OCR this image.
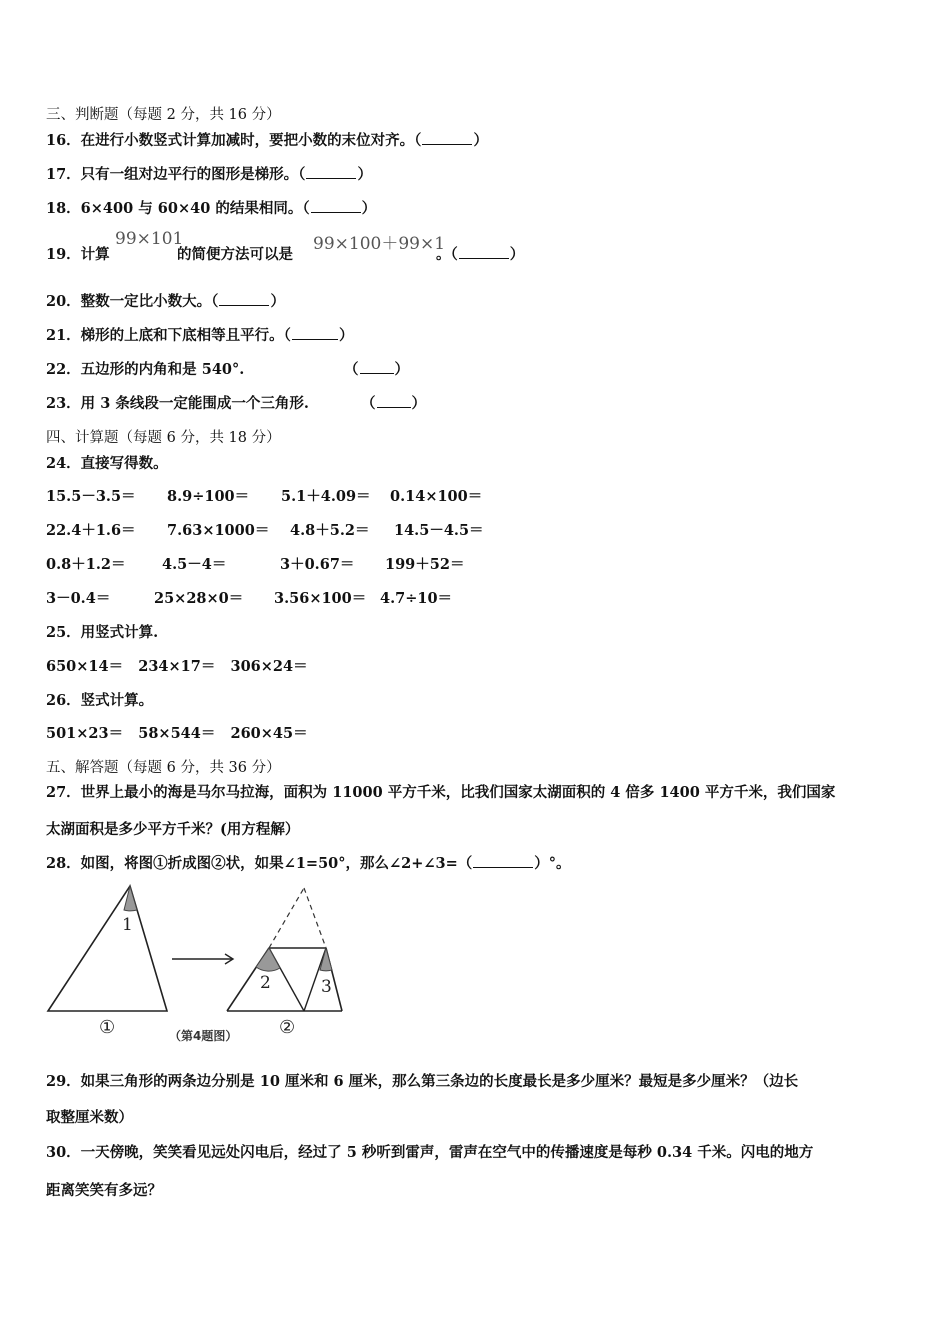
三、判断题（每题 2 分，共 16 分）
16．在进行小数竖式计算加减时，要把小数的末位对齐。（	）
17．只有一组对边平行的图形是梯形。（	）
18．6×400 与 60×40 的结果相同。（	）
19．计算
99×101
的简便方法可以是
99×100＋99×1
。（	）
20．整数一定比小数大。（	）
21．梯形的上底和下底相等且平行。（	）
22．五边形的内角和是 540°.	（ ）
23．用 3 条线段一定能围成一个三角形.	（ ）
四、计算题（每题 6 分，共 18 分）
24．直接写得数。
15.5－3.5＝ 8.9÷100＝ 5.1＋4.09＝ 0.14×100＝
22.4＋1.6＝ 7.63×1000＝ 4.8＋5.2＝ 14.5－4.5＝
0.8＋1.2＝	4.5－4＝	3＋0.67＝ 199＋52＝
3－0.4＝	25×28×0＝ 3.56×100＝ 4.7÷10＝
25．用竖式计算.
650×14＝   234×17＝   306×24＝
26．竖式计算。
501×23＝   58×544＝   260×45＝
五、解答题（每题 6 分，共 36 分）
27．世界上最小的海是马尔马拉海，面积为 11000 平方千米，比我们国家太湖面积的 4 倍多 1400 平方千米，我们国家
太湖面积是多少平方千米？(用方程解）
28．如图，将图①折成图②状，如果∠1=50°，那么∠2+∠3=（	）°。
1
2	3
①	②
（第4题图）
29．如果三角形的两条边分别是 10 厘米和 6 厘米，那么第三条边的长度最长是多少厘米？最短是多少厘米？（边长
取整厘米数）
30．一天傍晚，笑笑看见远处闪电后，经过了 5 秒听到雷声，雷声在空气中的传播速度是每秒 0.34 千米。闪电的地方
距离笑笑有多远？
